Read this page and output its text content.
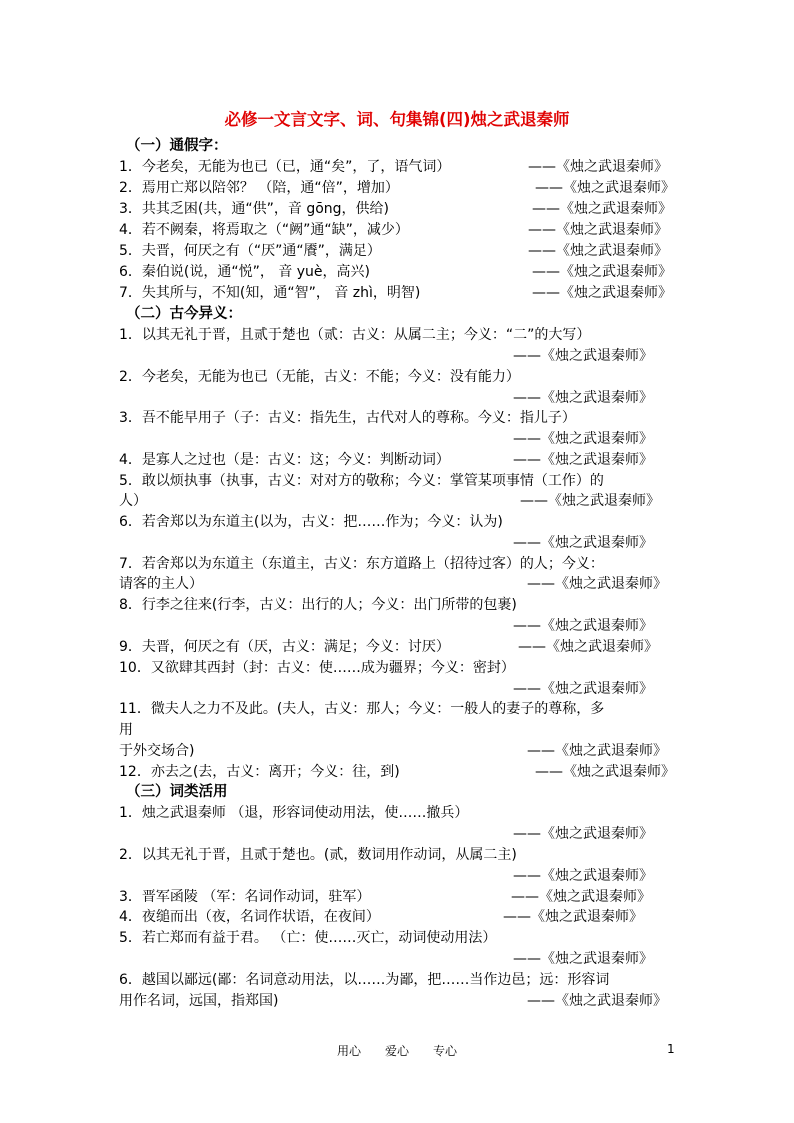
必修一文言文字、词、句集锦(四)烛之武退秦师
（一）通假字：
1．今老矣，无能为也已（已，通“矣”，了，语气词）	——《烛之武退秦师》
2．焉用亡郑以陪邻？ （陪，通“倍”，增加）	——《烛之武退秦师》
3．共其乏困(共，通“供”，音 gōng，供给)	——《烛之武退秦师》
4．若不阙秦，将焉取之（“阙”通“缺”，减少）	——《烛之武退秦师》
5．夫晋，何厌之有（“厌”通“餍”，满足）	——《烛之武退秦师》
6．秦伯说(说，通“悦”， 音 yuè，高兴)	——《烛之武退秦师》
7．失其所与，不知(知，通“智”， 音 zhì，明智)	——《烛之武退秦师》
（二）古今异义：
1．以其无礼于晋，且贰于楚也（贰：古义：从属二主；今义：“二”的大写）
——《烛之武退秦师》
2．今老矣，无能为也已（无能，古义：不能；今义：没有能力）
——《烛之武退秦师》
3．吾不能早用子（子：古义：指先生，古代对人的尊称。今义：指儿子）
——《烛之武退秦师》
4．是寡人之过也（是：古义：这；今义：判断动词）	——《烛之武退秦师》
5．敢以烦执事（执事，古义：对对方的敬称；今义：掌管某项事情（工作）的
人）	——《烛之武退秦师》
6．若舍郑以为东道主(以为，古义：把……作为；今义：认为)
——《烛之武退秦师》
7．若舍郑以为东道主（东道主，古义：东方道路上（招待过客）的人；今义：
请客的主人）	——《烛之武退秦师》
8．行李之往来(行李，古义：出行的人；今义：出门所带的包裹)
——《烛之武退秦师》
9．夫晋，何厌之有（厌，古义：满足；今义：讨厌）	——《烛之武退秦师》
10．又欲肆其西封（封：古义：使……成为疆界；今义：密封）
——《烛之武退秦师》
11．微夫人之力不及此。(夫人，古义：那人；今义：一般人的妻子的尊称，多
用
于外交场合)	——《烛之武退秦师》
12．亦去之(去，古义：离开；今义：往，到)	——《烛之武退秦师》
（三）词类活用
1．烛之武退秦师 （退，形容词使动用法，使……撤兵）
——《烛之武退秦师》
2．以其无礼于晋，且贰于楚也。(贰，数词用作动词，从属二主)
——《烛之武退秦师》
3．晋军函陵 （军：名词作动词，驻军）	——《烛之武退秦师》
4．夜缒而出（夜，名词作状语，在夜间）	——《烛之武退秦师》
5．若亡郑而有益于君。 （亡：使……灭亡，动词使动用法）
——《烛之武退秦师》
6．越国以鄙远(鄙：名词意动用法，以……为鄙，把……当作边邑；远：形容词
用作名词，远国，指郑国)	——《烛之武退秦师》
用心　　爱心　　专心	1
